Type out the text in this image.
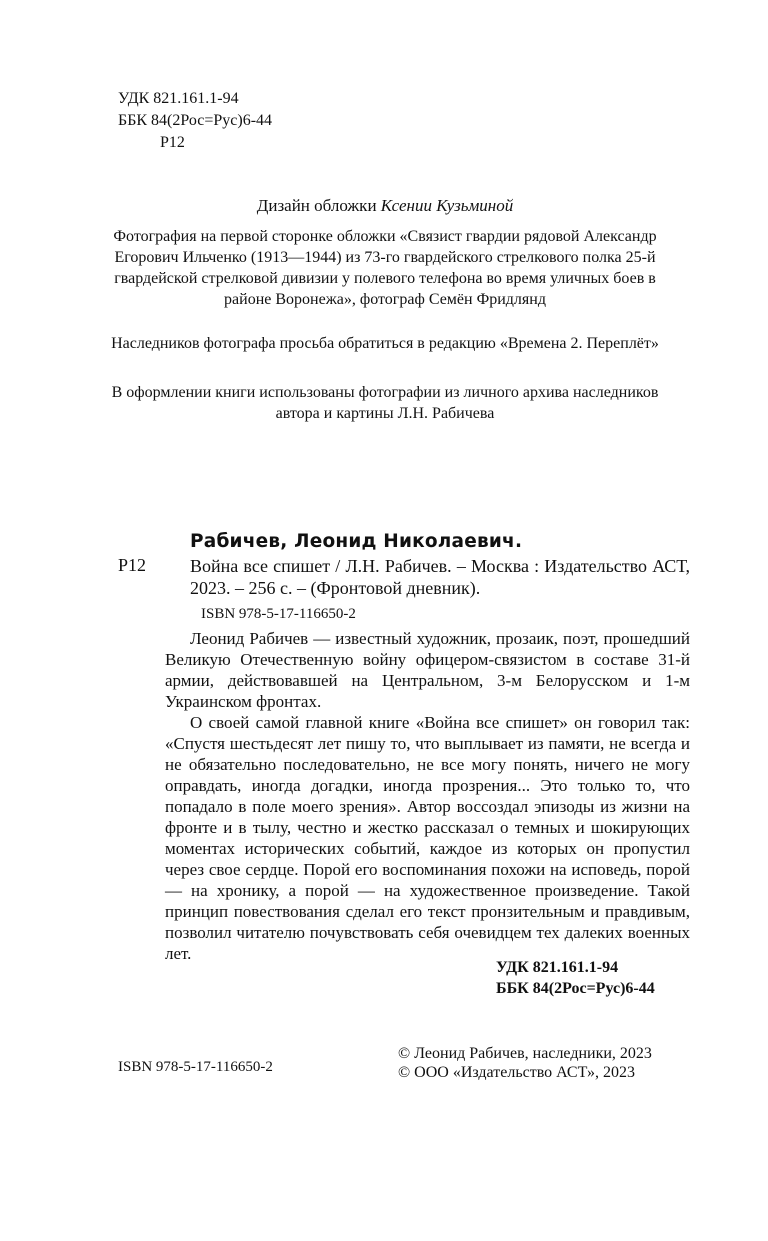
УДК 821.161.1-94
ББК 84(2Рос=Рус)6-44
Р12
Дизайн обложки Ксении Кузьминой
Фотография на первой сторонке обложки «Связист гвардии рядовой Александр Егорович Ильченко (1913—1944) из 73-го гвардейского стрелкового полка 25-й гвардейской стрелковой дивизии у полевого телефона во время уличных боев в районе Воронежа», фотограф Семён Фридлянд
Наследников фотографа просьба обратиться в редакцию «Времена 2. Переплёт»
В оформлении книги использованы фотографии из личного архива наследников автора и картины Л.Н. Рабичева
Рабичев, Леонид Николаевич.
Р12 Война все спишет / Л.Н. Рабичев. – Москва : Издательство АСТ, 2023. – 256 с. – (Фронтовой дневник).
ISBN 978-5-17-116650-2

Леонид Рабичев — известный художник, прозаик, поэт, прошедший Великую Отечественную войну офицером-связистом в составе 31-й армии, действовавшей на Центральном, 3-м Белорусском и 1-м Украинском фронтах.

О своей самой главной книге «Война все спишет» он говорил так: «Спустя шестьдесят лет пишу то, что выплывает из памяти, не всегда и не обязательно последовательно, не все могу понять, ничего не могу оправдать, иногда догадки, иногда прозрения... Это только то, что попадало в поле моего зрения». Автор воссоздал эпизоды из жизни на фронте и в тылу, честно и жестко рассказал о темных и шокирующих моментах исторических событий, каждое из которых он пропустил через свое сердце. Порой его воспоминания похожи на исповедь, порой — на хронику, а порой — на художественное произведение. Такой принцип повествования сделал его текст пронзительным и правдивым, позволил читателю почувствовать себя очевидцем тех далеких военных лет.

УДК 821.161.1-94
ББК 84(2Рос=Рус)6-44
ISBN 978-5-17-116650-2
© Леонид Рабичев, наследники, 2023
© ООО «Издательство АСТ», 2023
